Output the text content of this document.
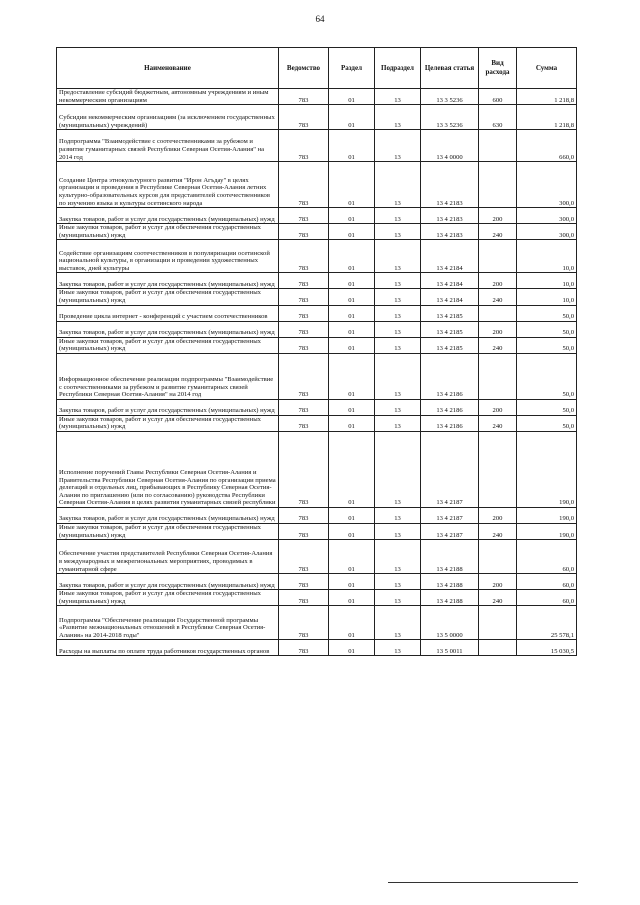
64
Наименование	Ведомство	Раздел	Подраздел	Целевая статья	Вид расхода	Сумма
Предоставление субсидий бюджетным, автономным учреждениям и иным некоммерческим организациям	783	01	13	13 3 5236	600	1 218,8
Субсидии некоммерческим организациям (за исключением государственных (муниципальных) учреждений)	783	01	13	13 3 5236	630	1 218,8
Подпрограмма "Взаимодействие с соотечественниками за рубежом и развитие гуманитарных связей Республики Северная Осетия-Алания" на 2014 год	783	01	13	13 4 0000		660,0
Создание Центра этнокультурного развития "Ирон Агъдау" в целях организации и проведения в Республике Северная Осетия-Алания летних культурно-образовательных курсов для представителей соотечественников по изучению языка и культуры осетинского народа	783	01	13	13 4 2183		300,0
Закупка товаров, работ и услуг для государственных (муниципальных) нужд	783	01	13	13 4 2183	200	300,0
Иные закупки товаров, работ и услуг для обеспечения государственных (муниципальных) нужд	783	01	13	13 4 2183	240	300,0
Содействие организациям соотечественников в популяризации осетинской национальной культуры, в организации и проведении художественных выставок, дней культуры	783	01	13	13 4 2184		10,0
Закупка товаров, работ и услуг для государственных (муниципальных) нужд	783	01	13	13 4 2184	200	10,0
Иные закупки товаров, работ и услуг для обеспечения государственных (муниципальных) нужд	783	01	13	13 4 2184	240	10,0
Проведение цикла интернет - конференций с участием соотечественников	783	01	13	13 4 2185		50,0
Закупка товаров, работ и услуг для государственных (муниципальных) нужд	783	01	13	13 4 2185	200	50,0
Иные закупки товаров, работ и услуг для обеспечения государственных (муниципальных) нужд	783	01	13	13 4 2185	240	50,0
Информационное обеспечение реализации подпрограммы "Взаимодействие с соотечественниками за рубежом и развитие гуманитарных связей Республики Северная Осетия-Алания" на 2014 год	783	01	13	13 4 2186		50,0
Закупка товаров, работ и услуг для государственных (муниципальных) нужд	783	01	13	13 4 2186	200	50,0
Иные закупки товаров, работ и услуг для обеспечения государственных (муниципальных) нужд	783	01	13	13 4 2186	240	50,0
Исполнение поручений Главы Республики Северная Осетия-Алания и Правительства Республики Северная Осетия-Алания по организации приема делегаций и отдельных лиц, прибывающих в Республику Северная Осетия-Алания по приглашению (или по согласованию) руководства Республики Северная Осетия-Алания в целях развития гуманитарных связей республики	783	01	13	13 4 2187		190,0
Закупка товаров, работ и услуг для государственных (муниципальных) нужд	783	01	13	13 4 2187	200	190,0
Иные закупки товаров, работ и услуг для обеспечения государственных (муниципальных) нужд	783	01	13	13 4 2187	240	190,0
Обеспечение участия представителей Республики Северная Осетия-Алания в международных и межрегиональных мероприятиях, проводимых в гуманитарной сфере	783	01	13	13 4 2188		60,0
Закупка товаров, работ и услуг для государственных (муниципальных) нужд	783	01	13	13 4 2188	200	60,0
Иные закупки товаров, работ и услуг для обеспечения государственных (муниципальных) нужд	783	01	13	13 4 2188	240	60,0
Подпрограмма "Обеспечение реализации Государственной программы «Развитие межнациональных отношений в Республике Северная Осетия-Алания» на 2014-2018 годы"	783	01	13	13 5 0000		25 578,1
Расходы на выплаты по оплате труда работников государственных органов	783	01	13	13 5 0011		15 030,5
